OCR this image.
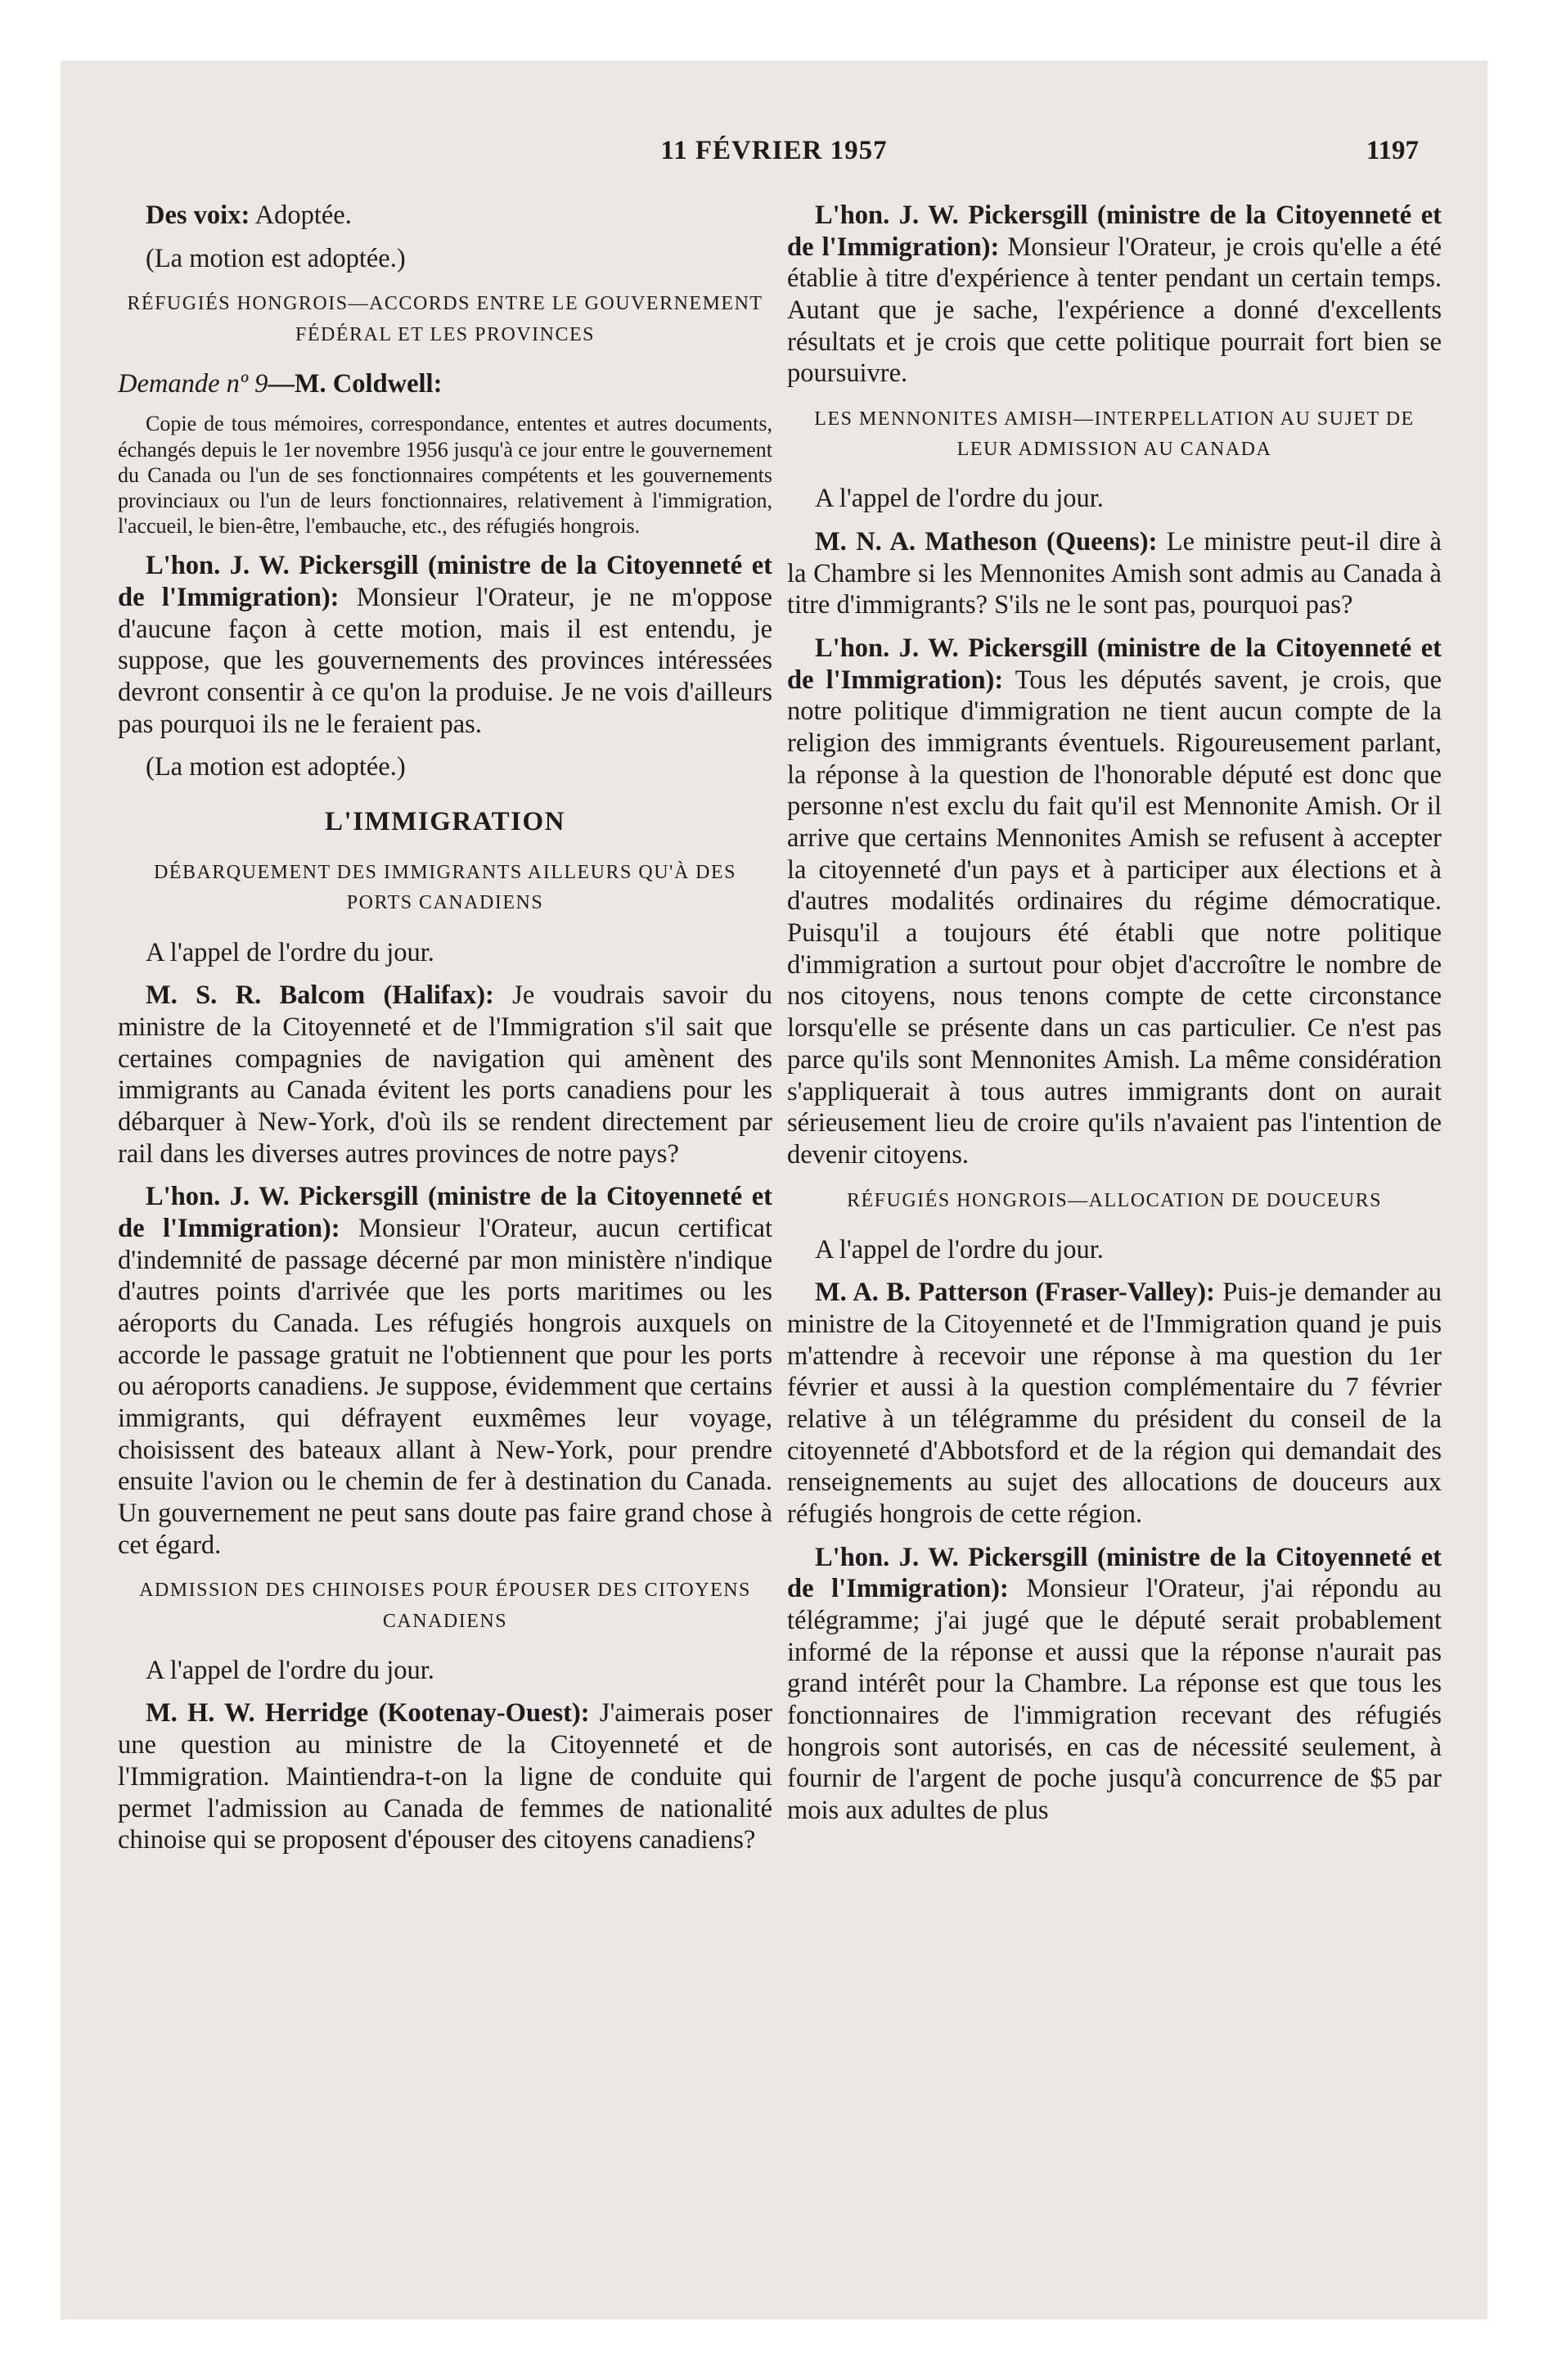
11 FÉVRIER 1957	1197

Des voix: Adoptée.

(La motion est adoptée.)

RÉFUGIÉS HONGROIS—ACCORDS ENTRE LE GOUVERNEMENT FÉDÉRAL ET LES PROVINCES

Demande nº 9—M. Coldwell:

Copie de tous mémoires, correspondance, ententes et autres documents, échangés depuis le 1er novembre 1956 jusqu'à ce jour entre le gouvernement du Canada ou l'un de ses fonctionnaires compétents et les gouvernements provinciaux ou l'un de leurs fonctionnaires, relativement à l'immigration, l'accueil, le bien-être, l'embauche, etc., des réfugiés hongrois.

L'hon. J. W. Pickersgill (ministre de la Citoyenneté et de l'Immigration): Monsieur l'Orateur, je ne m'oppose d'aucune façon à cette motion, mais il est entendu, je suppose, que les gouvernements des provinces intéressées devront consentir à ce qu'on la produise. Je ne vois d'ailleurs pas pourquoi ils ne le feraient pas.

(La motion est adoptée.)

L'IMMIGRATION
DÉBARQUEMENT DES IMMIGRANTS AILLEURS QU'À DES PORTS CANADIENS

A l'appel de l'ordre du jour.

M. S. R. Balcom (Halifax): Je voudrais savoir du ministre de la Citoyenneté et de l'Immigration s'il sait que certaines compagnies de navigation qui amènent des immigrants au Canada évitent les ports canadiens pour les débarquer à New-York, d'où ils se rendent directement par rail dans les diverses autres provinces de notre pays?

L'hon. J. W. Pickersgill (ministre de la Citoyenneté et de l'Immigration): Monsieur l'Orateur, aucun certificat d'indemnité de passage décerné par mon ministère n'indique d'autres points d'arrivée que les ports maritimes ou les aéroports du Canada. Les réfugiés hongrois auxquels on accorde le passage gratuit ne l'obtiennent que pour les ports ou aéroports canadiens. Je suppose, évidemment que certains immigrants, qui défrayent euxmêmes leur voyage, choisissent des bateaux allant à New-York, pour prendre ensuite l'avion ou le chemin de fer à destination du Canada. Un gouvernement ne peut sans doute pas faire grand chose à cet égard.

ADMISSION DES CHINOISES POUR ÉPOUSER DES CITOYENS CANADIENS

A l'appel de l'ordre du jour.

M. H. W. Herridge (Kootenay-Ouest): J'aimerais poser une question au ministre de la Citoyenneté et de l'Immigration. Maintiendra-t-on la ligne de conduite qui permet l'admission au Canada de femmes de nationalité chinoise qui se proposent d'épouser des citoyens canadiens?

L'hon. J. W. Pickersgill (ministre de la Citoyenneté et de l'Immigration): Monsieur l'Orateur, je crois qu'elle a été établie à titre d'expérience à tenter pendant un certain temps. Autant que je sache, l'expérience a donné d'excellents résultats et je crois que cette politique pourrait fort bien se poursuivre.

LES MENNONITES AMISH—INTERPELLATION AU SUJET DE LEUR ADMISSION AU CANADA

A l'appel de l'ordre du jour.

M. N. A. Matheson (Queens): Le ministre peut-il dire à la Chambre si les Mennonites Amish sont admis au Canada à titre d'immigrants? S'ils ne le sont pas, pourquoi pas?

L'hon. J. W. Pickersgill (ministre de la Citoyenneté et de l'Immigration): Tous les députés savent, je crois, que notre politique d'immigration ne tient aucun compte de la religion des immigrants éventuels. Rigoureusement parlant, la réponse à la question de l'honorable député est donc que personne n'est exclu du fait qu'il est Mennonite Amish. Or il arrive que certains Mennonites Amish se refusent à accepter la citoyenneté d'un pays et à participer aux élections et à d'autres modalités ordinaires du régime démocratique. Puisqu'il a toujours été établi que notre politique d'immigration a surtout pour objet d'accroître le nombre de nos citoyens, nous tenons compte de cette circonstance lorsqu'elle se présente dans un cas particulier. Ce n'est pas parce qu'ils sont Mennonites Amish. La même considération s'appliquerait à tous autres immigrants dont on aurait sérieusement lieu de croire qu'ils n'avaient pas l'intention de devenir citoyens.

RÉFUGIÉS HONGROIS—ALLOCATION DE DOUCEURS

A l'appel de l'ordre du jour.

M. A. B. Patterson (Fraser-Valley): Puis-je demander au ministre de la Citoyenneté et de l'Immigration quand je puis m'attendre à recevoir une réponse à ma question du 1er février et aussi à la question complémentaire du 7 février relative à un télégramme du président du conseil de la citoyenneté d'Abbotsford et de la région qui demandait des renseignements au sujet des allocations de douceurs aux réfugiés hongrois de cette région.

L'hon. J. W. Pickersgill (ministre de la Citoyenneté et de l'Immigration): Monsieur l'Orateur, j'ai répondu au télégramme; j'ai jugé que le député serait probablement informé de la réponse et aussi que la réponse n'aurait pas grand intérêt pour la Chambre. La réponse est que tous les fonctionnaires de l'immigration recevant des réfugiés hongrois sont autorisés, en cas de nécessité seulement, à fournir de l'argent de poche jusqu'à concurrence de $5 par mois aux adultes de plus
